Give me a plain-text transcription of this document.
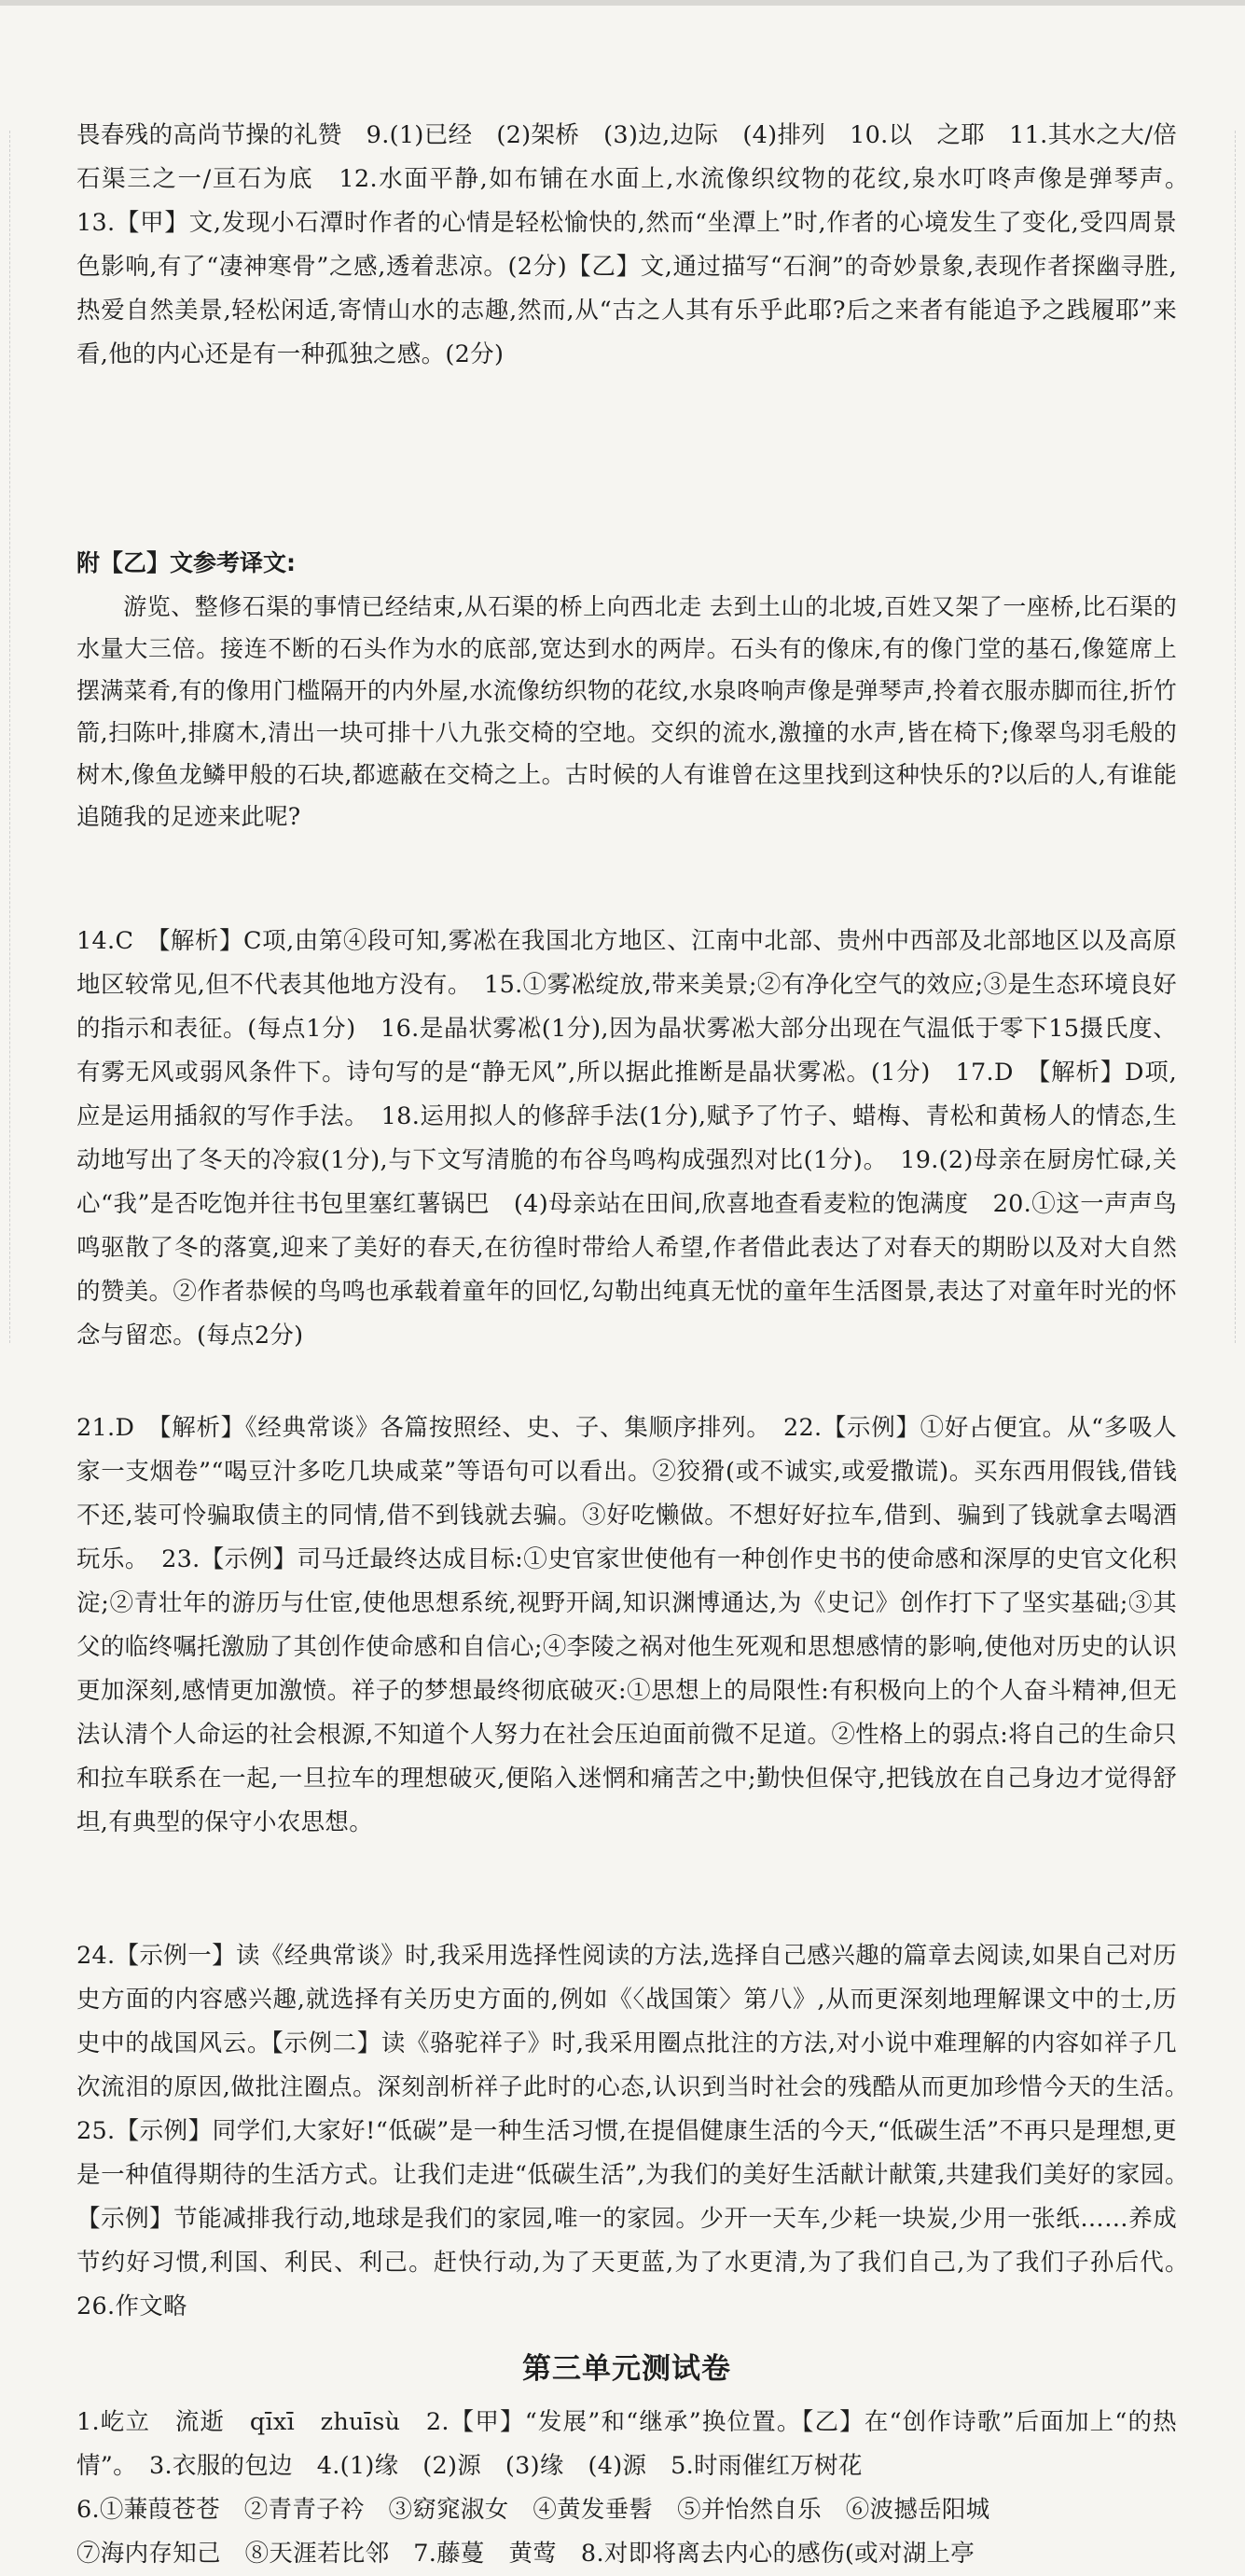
畏春残的高尚节操的礼赞　9.(1)已经　(2)架桥　(3)边,边际　(4)排列　10.以　之耶　11.其水之大/倍石渠三之一/亘石为底　12.水面平静,如布铺在水面上,水流像织纹物的花纹,泉水叮咚声像是弹琴声。　13.【甲】文,发现小石潭时作者的心情是轻松愉快的,然而“坐潭上”时,作者的心境发生了变化,受四周景色影响,有了“凄神寒骨”之感,透着悲凉。(2分)【乙】文,通过描写“石涧”的奇妙景象,表现作者探幽寻胜,热爱自然美景,轻松闲适,寄情山水的志趣,然而,从“古之人其有乐乎此耶?后之来者有能追予之践履耶”来看,他的内心还是有一种孤独之感。(2分)

附【乙】文参考译文:

游览、整修石渠的事情已经结束,从石渠的桥上向西北走 去到土山的北坡,百姓又架了一座桥,比石渠的水量大三倍。接连不断的石头作为水的底部,宽达到水的两岸。石头有的像床,有的像门堂的基石,像筵席上摆满菜肴,有的像用门槛隔开的内外屋,水流像纺织物的花纹,水泉咚响声像是弹琴声,拎着衣服赤脚而往,折竹箭,扫陈叶,排腐木,清出一块可排十八九张交椅的空地。交织的流水,激撞的水声,皆在椅下;像翠鸟羽毛般的树木,像鱼龙鳞甲般的石块,都遮蔽在交椅之上。古时候的人有谁曾在这里找到这种快乐的?以后的人,有谁能追随我的足迹来此呢?

14.C　【解析】C项,由第④段可知,雾凇在我国北方地区、江南中北部、贵州中西部及北部地区以及高原地区较常见,但不代表其他地方没有。　15.①雾凇绽放,带来美景;②有净化空气的效应;③是生态环境良好的指示和表征。(每点1分)　16.是晶状雾凇(1分),因为晶状雾凇大部分出现在气温低于零下15摄氏度、有雾无风或弱风条件下。诗句写的是“静无风”,所以据此推断是晶状雾凇。(1分)　17.D　【解析】D项,应是运用插叙的写作手法。　18.运用拟人的修辞手法(1分),赋予了竹子、蜡梅、青松和黄杨人的情态,生动地写出了冬天的冷寂(1分),与下文写清脆的布谷鸟鸣构成强烈对比(1分)。　19.(2)母亲在厨房忙碌,关心“我”是否吃饱并往书包里塞红薯锅巴　(4)母亲站在田间,欣喜地查看麦粒的饱满度　20.①这一声声鸟鸣驱散了冬的落寞,迎来了美好的春天,在彷徨时带给人希望,作者借此表达了对春天的期盼以及对大自然的赞美。②作者恭候的鸟鸣也承载着童年的回忆,勾勒出纯真无忧的童年生活图景,表达了对童年时光的怀念与留恋。(每点2分)

21.D　【解析】《经典常谈》各篇按照经、史、子、集顺序排列。　22.【示例】①好占便宜。从“多吸人家一支烟卷”“喝豆汁多吃几块咸菜”等语句可以看出。②狡猾(或不诚实,或爱撒谎)。买东西用假钱,借钱不还,装可怜骗取债主的同情,借不到钱就去骗。③好吃懒做。不想好好拉车,借到、骗到了钱就拿去喝酒玩乐。　23.【示例】司马迁最终达成目标:①史官家世使他有一种创作史书的使命感和深厚的史官文化积淀;②青壮年的游历与仕宦,使他思想系统,视野开阔,知识渊博通达,为《史记》创作打下了坚实基础;③其父的临终嘱托激励了其创作使命感和自信心;④李陵之祸对他生死观和思想感情的影响,使他对历史的认识更加深刻,感情更加激愤。祥子的梦想最终彻底破灭:①思想上的局限性:有积极向上的个人奋斗精神,但无法认清个人命运的社会根源,不知道个人努力在社会压迫面前微不足道。②性格上的弱点:将自己的生命只和拉车联系在一起,一旦拉车的理想破灭,便陷入迷惘和痛苦之中;勤快但保守,把钱放在自己身边才觉得舒坦,有典型的保守小农思想。

24.【示例一】读《经典常谈》时,我采用选择性阅读的方法,选择自己感兴趣的篇章去阅读,如果自己对历史方面的内容感兴趣,就选择有关历史方面的,例如《〈战国策〉第八》,从而更深刻地理解课文中的士,历史中的战国风云。【示例二】读《骆驼祥子》时,我采用圈点批注的方法,对小说中难理解的内容如祥子几次流泪的原因,做批注圈点。深刻剖析祥子此时的心态,认识到当时社会的残酷从而更加珍惜今天的生活。　25.【示例】同学们,大家好!“低碳”是一种生活习惯,在提倡健康生活的今天,“低碳生活”不再只是理想,更是一种值得期待的生活方式。让我们走进“低碳生活”,为我们的美好生活献计献策,共建我们美好的家园。　【示例】节能减排我行动,地球是我们的家园,唯一的家园。少开一天车,少耗一块炭,少用一张纸……养成节约好习惯,利国、利民、利己。赶快行动,为了天更蓝,为了水更清,为了我们自己,为了我们子孙后代。　26.作文略

第三单元测试卷

1.屹立　流逝　qīxī　zhuīsù　2.【甲】“发展”和“继承”换位置。【乙】在“创作诗歌”后面加上“的热情”。　3.衣服的包边　4.(1)缘　(2)源　(3)缘　(4)源　5.时雨催红万树花
6.①蒹葭苍苍　②青青子衿　③窈窕淑女　④黄发垂髫　⑤并怡然自乐　⑥波撼岳阳城
⑦海内存知己　⑧天涯若比邻　7.藤蔓　黄莺　8.对即将离去内心的感伤(或对湖上亭
